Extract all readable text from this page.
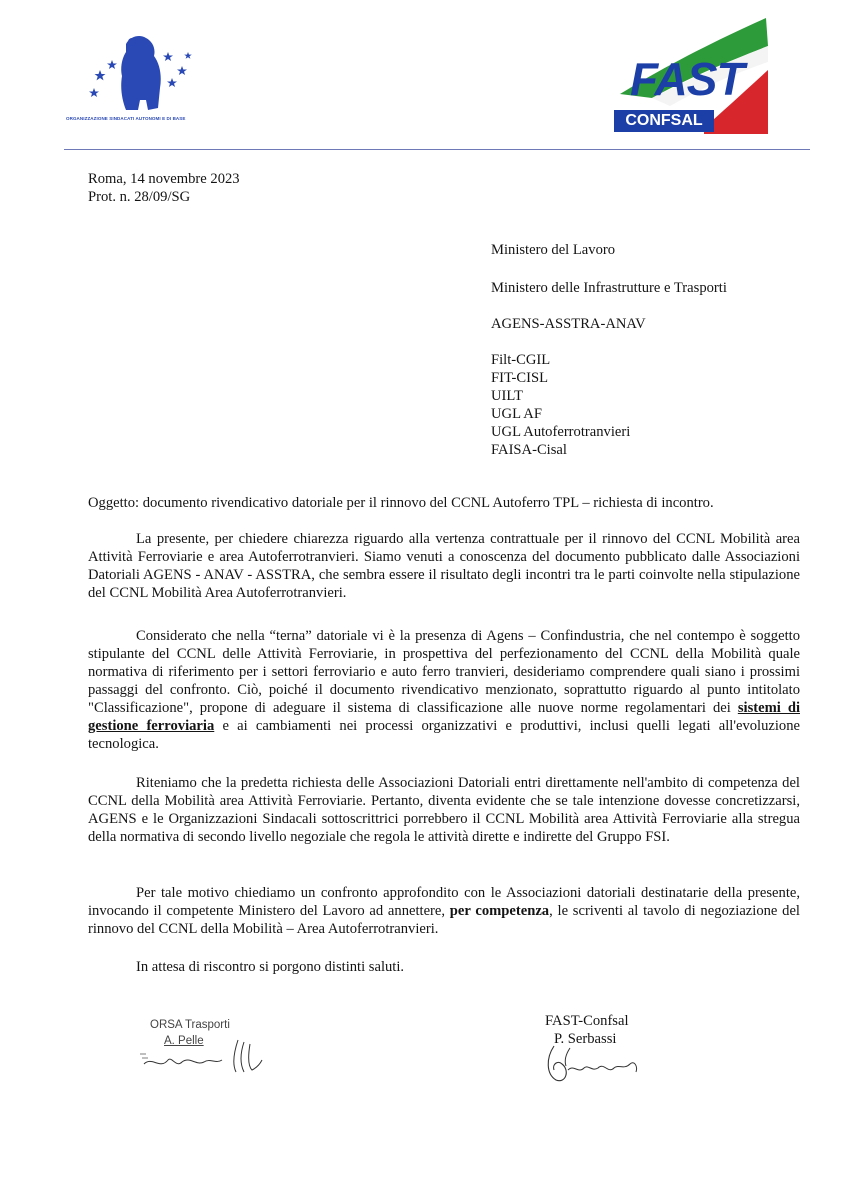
ORGANIZZAZIONE SINDACATI AUTONOMI E DI BASE
FAST
CONFSAL
Roma, 14 novembre 2023
Prot. n. 28/09/SG
Ministero del Lavoro
Ministero delle Infrastrutture e Trasporti
AGENS-ASSTRA-ANAV
Filt-CGIL
FIT-CISL
UILT
UGL AF
UGL Autoferrotranvieri
FAISA-Cisal
Oggetto: documento rivendicativo datoriale per il rinnovo del CCNL Autoferro TPL – richiesta di incontro.
La presente, per chiedere chiarezza riguardo alla vertenza contrattuale per il rinnovo del CCNL Mobilità area Attività Ferroviarie e area Autoferrotranvieri. Siamo venuti a conoscenza del documento pubblicato dalle Associazioni Datoriali AGENS - ANAV - ASSTRA, che sembra essere il risultato degli incontri tra le parti coinvolte nella stipulazione del CCNL Mobilità Area Autoferrotranvieri.
Considerato che nella “terna” datoriale vi è la presenza di Agens – Confindustria, che nel contempo è soggetto stipulante del CCNL delle Attività Ferroviarie, in prospettiva del perfezionamento del CCNL della Mobilità quale normativa di riferimento per i settori ferroviario e auto ferro tranvieri, desideriamo comprendere quali siano i prossimi passaggi del confronto. Ciò, poiché il documento rivendicativo menzionato, soprattutto riguardo al punto intitolato "Classificazione", propone di adeguare il sistema di classificazione alle nuove norme regolamentari dei sistemi di gestione ferroviaria e ai cambiamenti nei processi organizzativi e produttivi, inclusi quelli legati all'evoluzione tecnologica.
Riteniamo che la predetta richiesta delle Associazioni Datoriali entri direttamente nell'ambito di competenza del CCNL della Mobilità area Attività Ferroviarie. Pertanto, diventa evidente che se tale intenzione dovesse concretizzarsi, AGENS e le Organizzazioni Sindacali sottoscrittrici porrebbero il CCNL Mobilità area Attività Ferroviarie alla stregua della normativa di secondo livello negoziale che regola le attività dirette e indirette del Gruppo FSI.
Per tale motivo chiediamo un confronto approfondito con le Associazioni datoriali destinatarie della presente, invocando il competente Ministero del Lavoro ad annettere, per competenza, le scriventi al tavolo di negoziazione del rinnovo del CCNL della Mobilità – Area Autoferrotranvieri.
In attesa di riscontro si porgono distinti saluti.
ORSA Trasporti
A. Pelle
FAST-Confsal
P. Serbassi
